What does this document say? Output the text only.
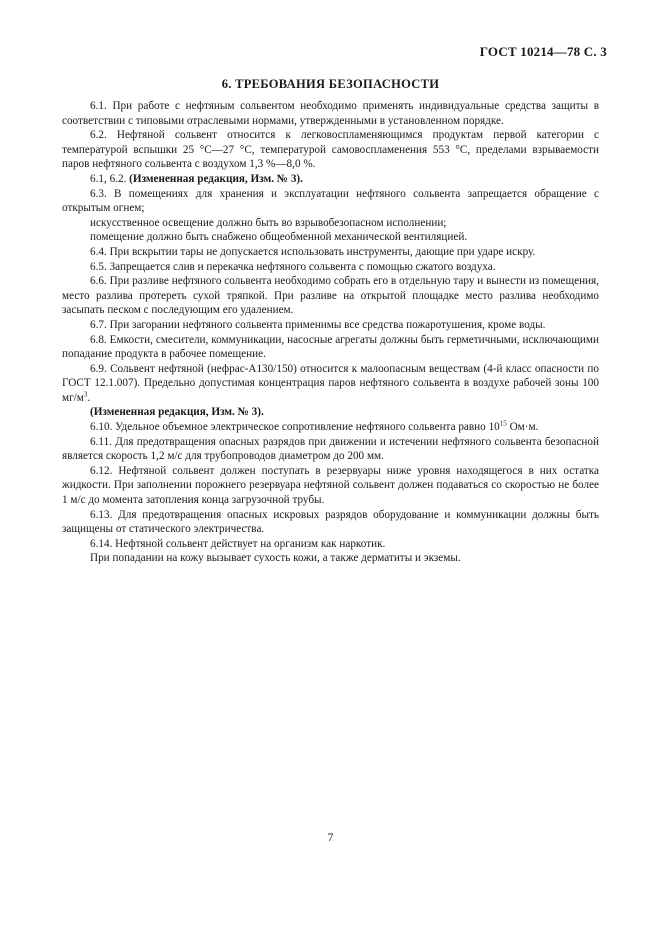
ГОСТ 10214—78 С. 3
6. ТРЕБОВАНИЯ БЕЗОПАСНОСТИ

6.1. При работе с нефтяным сольвентом необходимо применять индивидуальные средства защиты в соответствии с типовыми отраслевыми нормами, утвержденными в установленном порядке.

6.2. Нефтяной сольвент относится к легковоспламеняющимся продуктам первой категории с температурой вспышки 25 °С—27 °С, температурой самовоспламенения 553 °С, пределами взрываемости паров нефтяного сольвента с воздухом 1,3 %—8,0 %.

6.1, 6.2. (Измененная редакция, Изм. № 3).

6.3. В помещениях для хранения и эксплуатации нефтяного сольвента запрещается обращение с открытым огнем;

искусственное освещение должно быть во взрывобезопасном исполнении;

помещение должно быть снабжено общеобменной механической вентиляцией.

6.4. При вскрытии тары не допускается использовать инструменты, дающие при ударе искру.

6.5. Запрещается слив и перекачка нефтяного сольвента с помощью сжатого воздуха.

6.6. При разливе нефтяного сольвента необходимо собрать его в отдельную тару и вынести из помещения, место разлива протереть сухой тряпкой. При разливе на открытой площадке место разлива необходимо засыпать песком с последующим его удалением.

6.7. При загорании нефтяного сольвента применимы все средства пожаротушения, кроме воды.

6.8. Емкости, смесители, коммуникации, насосные агрегаты должны быть герметичными, исключающими попадание продукта в рабочее помещение.

6.9. Сольвент нефтяной (нефрас-А130/150) относится к малоопасным веществам (4-й класс опасности по ГОСТ 12.1.007). Предельно допустимая концентрация паров нефтяного сольвента в воздухе рабочей зоны 100 $мг/м^3$.

(Измененная редакция, Изм. № 3).

6.10. Удельное объемное электрическое сопротивление нефтяного сольвента равно $10^{15}$ Ом·м.

6.11. Для предотвращения опасных разрядов при движении и истечении нефтяного сольвента безопасной является скорость 1,2 м/с для трубопроводов диаметром до 200 мм.

6.12. Нефтяной сольвент должен поступать в резервуары ниже уровня находящегося в них остатка жидкости. При заполнении порожнего резервуара нефтяной сольвент должен подаваться со скоростью не более 1 м/с до момента затопления конца загрузочной трубы.

6.13. Для предотвращения опасных искровых разрядов оборудование и коммуникации должны быть защищены от статического электричества.

6.14. Нефтяной сольвент действует на организм как наркотик.

При попадании на кожу вызывает сухость кожи, а также дерматиты и экземы.

7
